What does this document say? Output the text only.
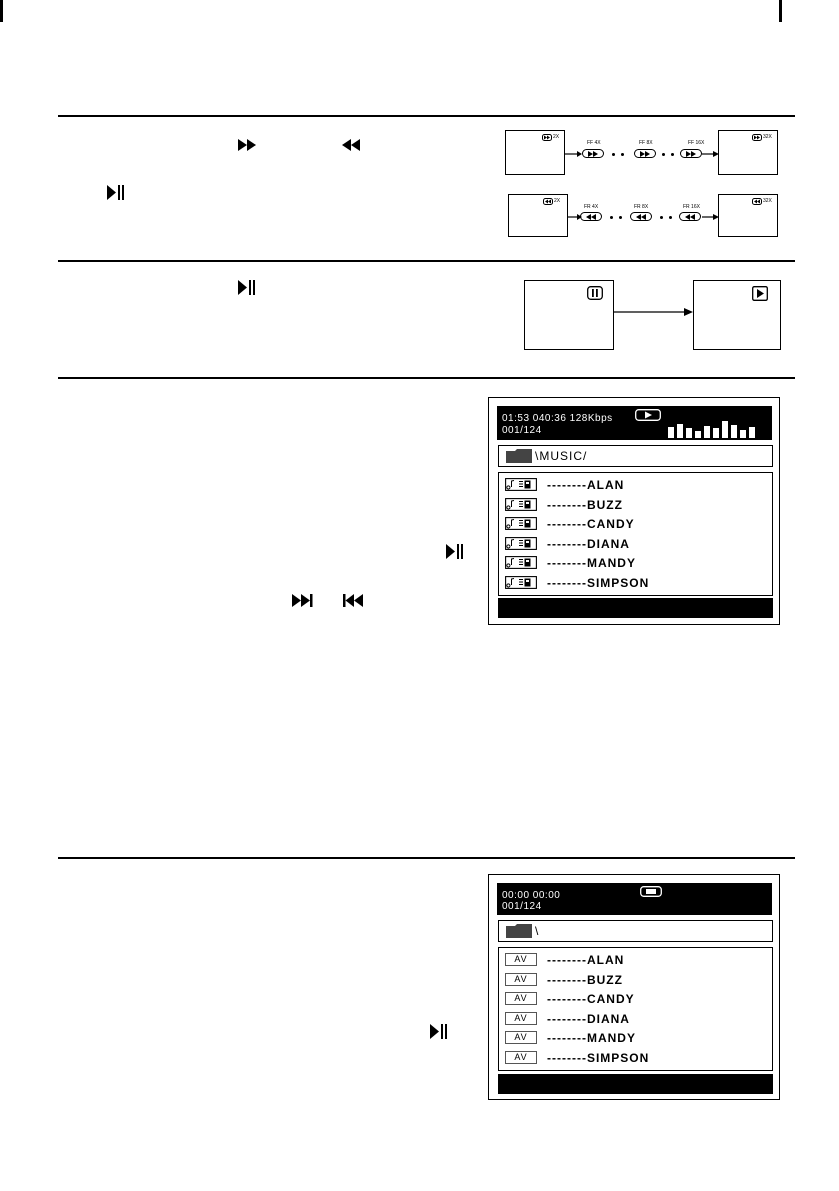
2X
FF 4X	FF 8X	FF 16X
32X
2X
FR 4X	FR 8X	FR 16X
32X
01:53 040:36 128Kbps
001/124
\MUSIC/
--------ALAN
--------BUZZ
--------CANDY
--------DIANA
--------MANDY
--------SIMPSON
00:00 00:00
001/124
\
AV	--------ALAN
AV	--------BUZZ
AV	--------CANDY
AV	--------DIANA
AV	--------MANDY
AV	--------SIMPSON
